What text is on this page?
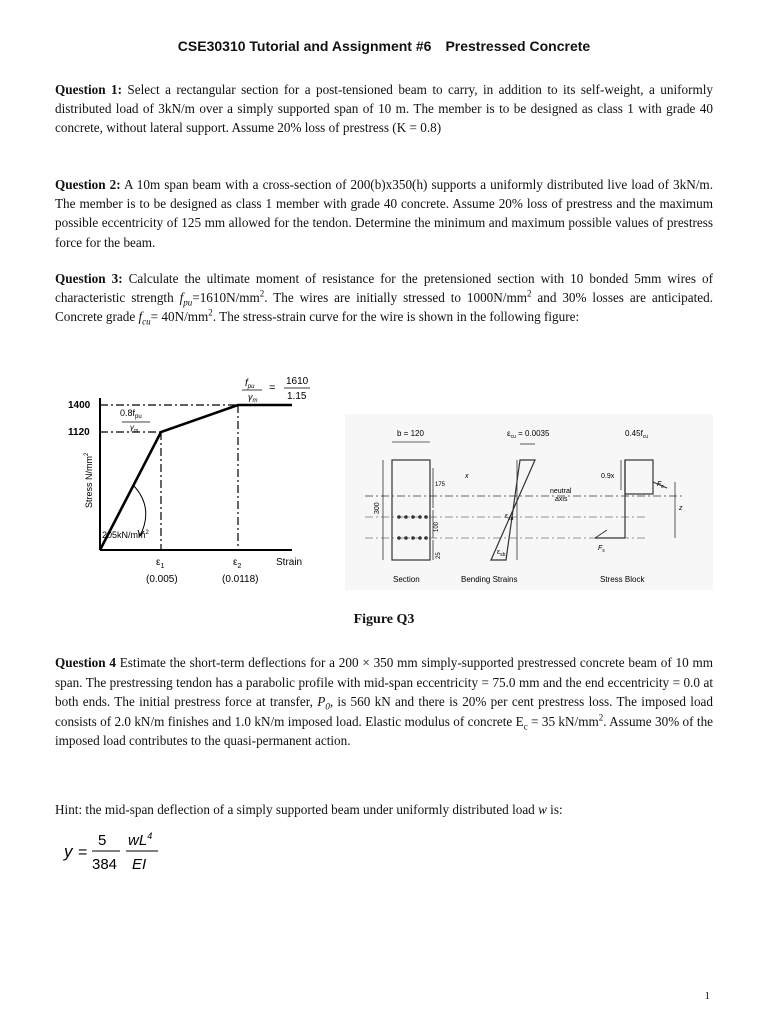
CSE30310 Tutorial and Assignment #6 Prestressed Concrete
Question 1: Select a rectangular section for a post-tensioned beam to carry, in addition to its self-weight, a uniformly distributed load of 3kN/m over a simply supported span of 10 m. The member is to be designed as class 1 with grade 40 concrete, without lateral support. Assume 20% loss of prestress (K = 0.8)
Question 2: A 10m span beam with a cross-section of 200(b)x350(h) supports a uniformly distributed live load of 3kN/m. The member is to be designed as class 1 member with grade 40 concrete. Assume 20% loss of prestress and the maximum possible eccentricity of 125 mm allowed for the tendon. Determine the minimum and maximum possible values of prestress force for the beam.
Question 3: Calculate the ultimate moment of resistance for the pretensioned section with 10 bonded 5mm wires of characteristic strength $f_{pu}=1610N/mm^2$. The wires are initially stressed to $1000N/mm^2$ and 30% losses are anticipated. Concrete grade $f_{cu}= 40N/mm^2$. The stress-strain curve for the wire is shown in the following figure:
1400
1120
Stress $N/mm^2$
$f_{pu}$
$\gamma_m$
=
1610
1.15
$0.8f_{pu}$
$\gamma_m$
$205kN/mm^2$
$\varepsilon_1$	$\varepsilon_2$	Strain
(0.005)	(0.0118)
b = 120
300
175
100
25
x
$\varepsilon_{cu} = 0.0035$
$\varepsilon_{sa}$
$\varepsilon_{sb}$
neutral
axis
$0.45f_{cu}$
0.9x
z
$F_c$
$F_s$
Section	Bending Strains	Stress Block
Figure Q3
Question 4 Estimate the short-term deflections for a 200 × 350 mm simply-supported prestressed concrete beam of 10 mm span. The prestressing tendon has a parabolic profile with mid-span eccentricity = 75.0 mm and the end eccentricity = 0.0 at both ends. The initial prestress force at transfer, $P_0$, is 560 kN and there is 20% per cent prestress loss. The imposed load consists of 2.0 kN/m finishes and 1.0 kN/m imposed load. Elastic modulus of concrete $E_c = 35$ $kN/mm^2$. Assume 30% of the imposed load contributes to the quasi-permanent action.
Hint: the mid-span deflection of a simply supported beam under uniformly distributed load w is:
y =
5
384
$wL^4$
EI
1
